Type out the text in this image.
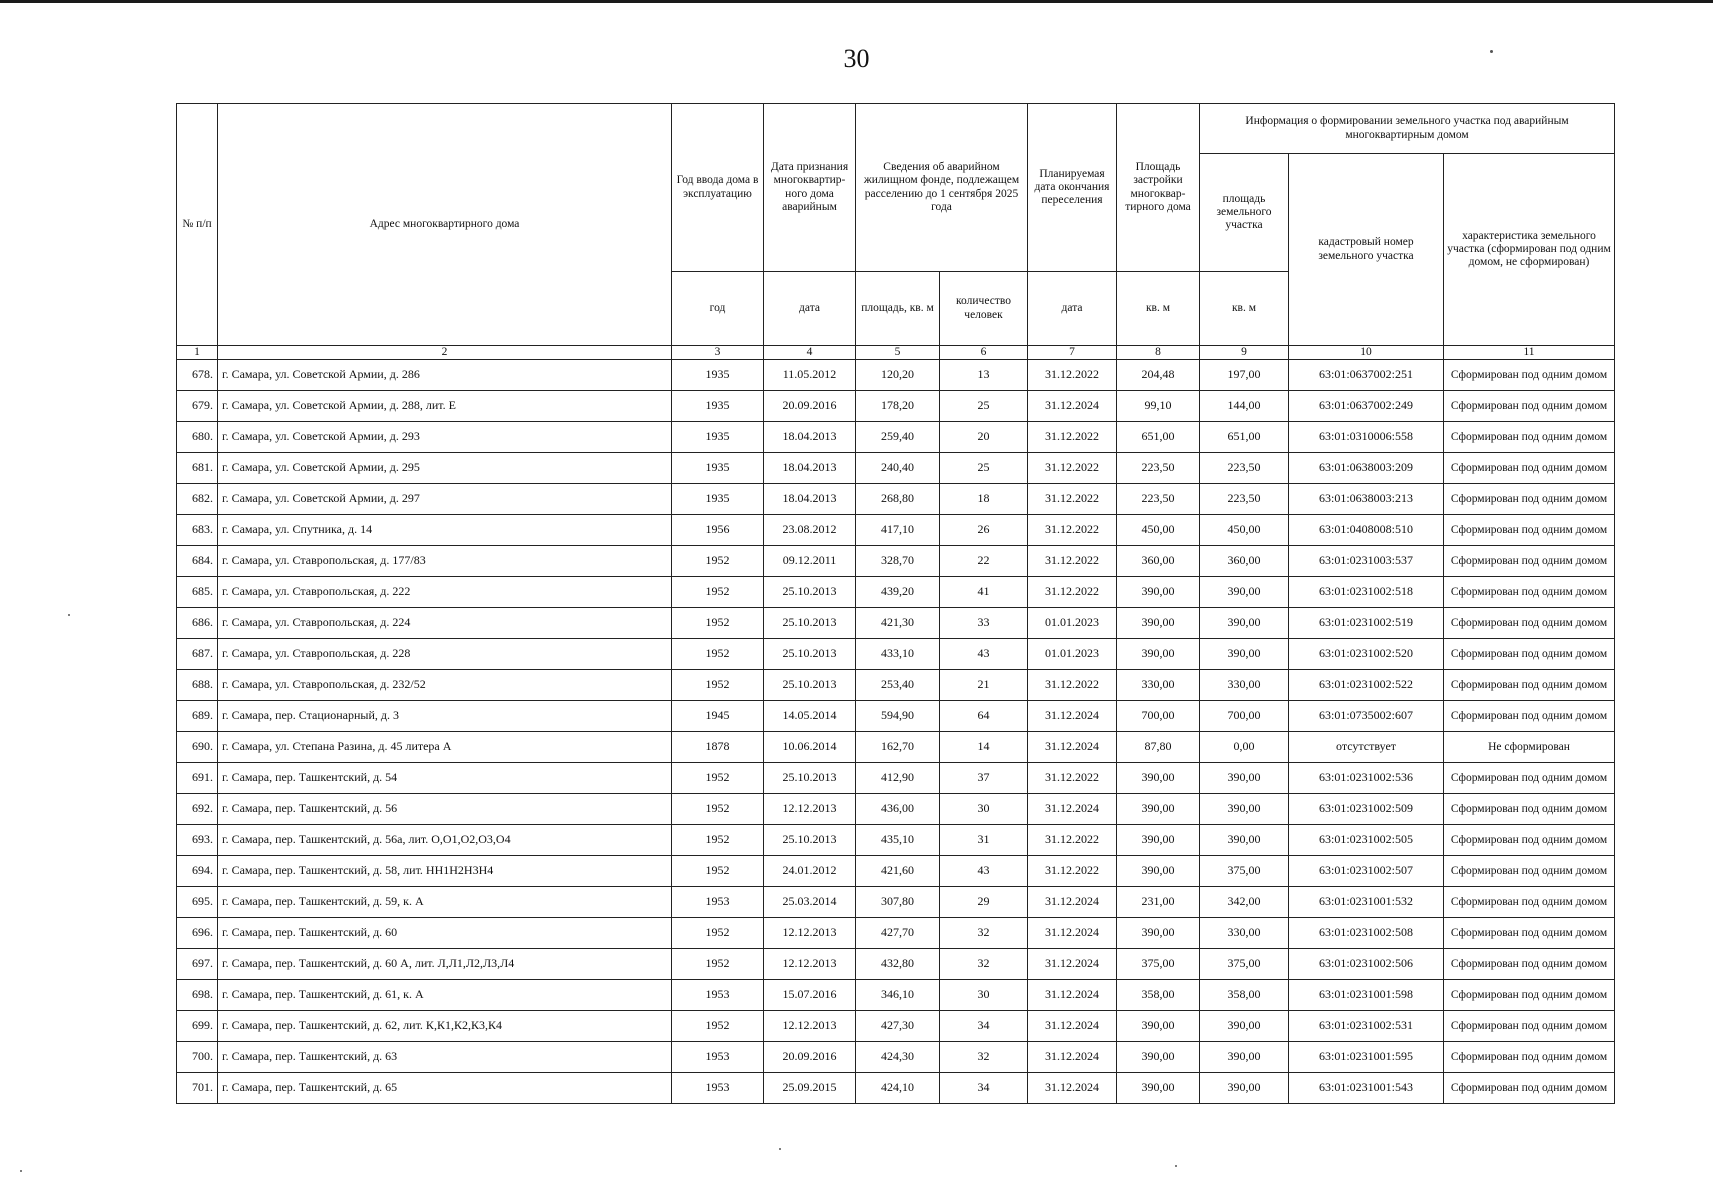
30
№ п/п	Адрес многоквартирного дома	Год ввода дома в эксплуатацию	Дата признания многоквартир-ного дома аварийным	Сведения об аварийном жилищном фонде, подлежащем расселению до 1 сентября 2025 года		Планируемая дата окончания переселения	Площадь застройки многоквар-тирного дома	Информация о формировании земельного участка под аварийным многоквартирным домом		
								площадь земельного участка	кадастровый номер земельного участка	характеристика земельного участка (сформирован под одним домом, не сформирован)
		год	дата	площадь, кв. м	количество человек	дата	кв. м	кв. м		
1	2	3	4	5	6	7	8	9	10	11
678.	г. Самара, ул. Советской Армии, д. 286	1935	11.05.2012	120,20	13	31.12.2022	204,48	197,00	63:01:0637002:251	Сформирован под одним домом
679.	г. Самара, ул. Советской Армии, д. 288, лит. Е	1935	20.09.2016	178,20	25	31.12.2024	99,10	144,00	63:01:0637002:249	Сформирован под одним домом
680.	г. Самара, ул. Советской Армии, д. 293	1935	18.04.2013	259,40	20	31.12.2022	651,00	651,00	63:01:0310006:558	Сформирован под одним домом
681.	г. Самара, ул. Советской Армии, д. 295	1935	18.04.2013	240,40	25	31.12.2022	223,50	223,50	63:01:0638003:209	Сформирован под одним домом
682.	г. Самара, ул. Советской Армии, д. 297	1935	18.04.2013	268,80	18	31.12.2022	223,50	223,50	63:01:0638003:213	Сформирован под одним домом
683.	г. Самара, ул. Спутника, д. 14	1956	23.08.2012	417,10	26	31.12.2022	450,00	450,00	63:01:0408008:510	Сформирован под одним домом
684.	г. Самара, ул. Ставропольская, д. 177/83	1952	09.12.2011	328,70	22	31.12.2022	360,00	360,00	63:01:0231003:537	Сформирован под одним домом
685.	г. Самара, ул. Ставропольская, д. 222	1952	25.10.2013	439,20	41	31.12.2022	390,00	390,00	63:01:0231002:518	Сформирован под одним домом
686.	г. Самара, ул. Ставропольская, д. 224	1952	25.10.2013	421,30	33	01.01.2023	390,00	390,00	63:01:0231002:519	Сформирован под одним домом
687.	г. Самара, ул. Ставропольская, д. 228	1952	25.10.2013	433,10	43	01.01.2023	390,00	390,00	63:01:0231002:520	Сформирован под одним домом
688.	г. Самара, ул. Ставропольская, д. 232/52	1952	25.10.2013	253,40	21	31.12.2022	330,00	330,00	63:01:0231002:522	Сформирован под одним домом
689.	г. Самара, пер. Стационарный, д. 3	1945	14.05.2014	594,90	64	31.12.2024	700,00	700,00	63:01:0735002:607	Сформирован под одним домом
690.	г. Самара, ул. Степана Разина, д. 45 литера А	1878	10.06.2014	162,70	14	31.12.2024	87,80	0,00	отсутствует	Не сформирован
691.	г. Самара, пер. Ташкентский, д. 54	1952	25.10.2013	412,90	37	31.12.2022	390,00	390,00	63:01:0231002:536	Сформирован под одним домом
692.	г. Самара, пер. Ташкентский, д. 56	1952	12.12.2013	436,00	30	31.12.2024	390,00	390,00	63:01:0231002:509	Сформирован под одним домом
693.	г. Самара, пер. Ташкентский, д. 56а, лит. О,О1,О2,О3,О4	1952	25.10.2013	435,10	31	31.12.2022	390,00	390,00	63:01:0231002:505	Сформирован под одним домом
694.	г. Самара, пер. Ташкентский, д. 58, лит. НН1Н2Н3Н4	1952	24.01.2012	421,60	43	31.12.2022	390,00	375,00	63:01:0231002:507	Сформирован под одним домом
695.	г. Самара, пер. Ташкентский, д. 59, к. А	1953	25.03.2014	307,80	29	31.12.2024	231,00	342,00	63:01:0231001:532	Сформирован под одним домом
696.	г. Самара, пер. Ташкентский, д. 60	1952	12.12.2013	427,70	32	31.12.2024	390,00	330,00	63:01:0231002:508	Сформирован под одним домом
697.	г. Самара, пер. Ташкентский, д. 60 А, лит. Л,Л1,Л2,Л3,Л4	1952	12.12.2013	432,80	32	31.12.2024	375,00	375,00	63:01:0231002:506	Сформирован под одним домом
698.	г. Самара, пер. Ташкентский, д. 61, к. А	1953	15.07.2016	346,10	30	31.12.2024	358,00	358,00	63:01:0231001:598	Сформирован под одним домом
699.	г. Самара, пер. Ташкентский, д. 62, лит. К,К1,К2,К3,К4	1952	12.12.2013	427,30	34	31.12.2024	390,00	390,00	63:01:0231002:531	Сформирован под одним домом
700.	г. Самара, пер. Ташкентский, д. 63	1953	20.09.2016	424,30	32	31.12.2024	390,00	390,00	63:01:0231001:595	Сформирован под одним домом
701.	г. Самара, пер. Ташкентский, д. 65	1953	25.09.2015	424,10	34	31.12.2024	390,00	390,00	63:01:0231001:543	Сформирован под одним домом
